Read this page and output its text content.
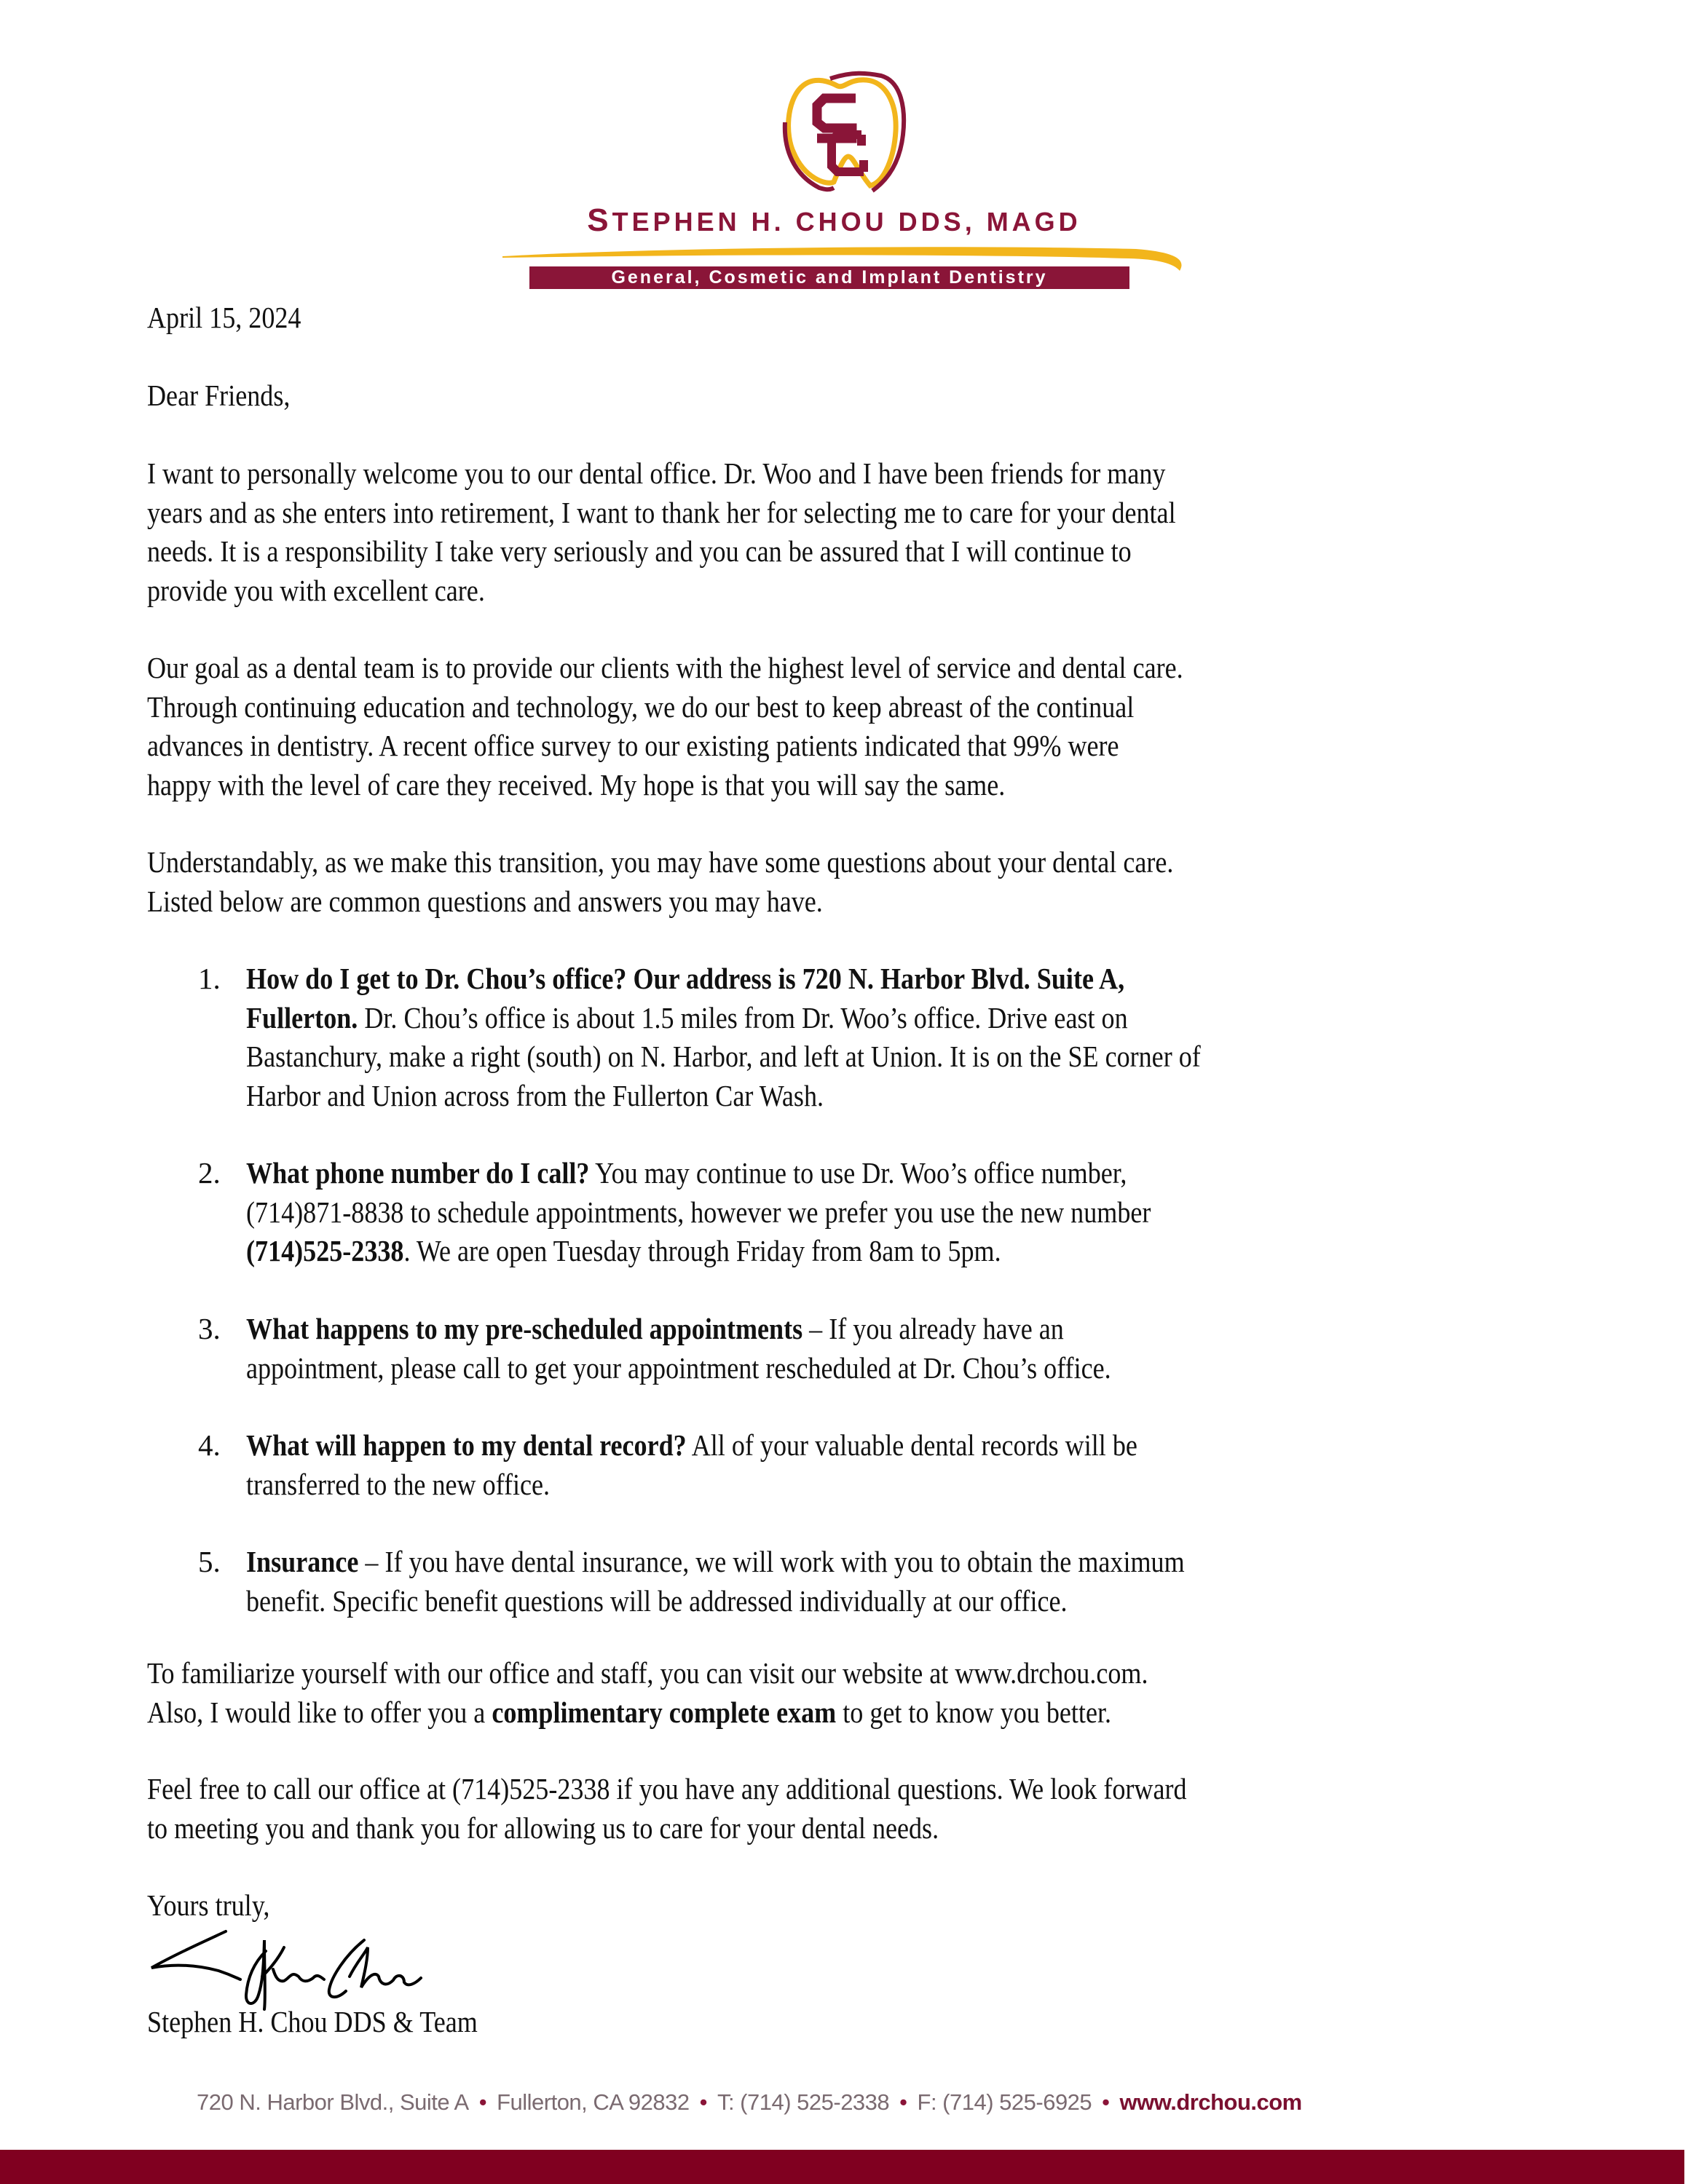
STEPHEN H. CHOU DDS, MAGD
General, Cosmetic and Implant Dentistry
April 15, 2024
Dear Friends,
I want to personally welcome you to our dental office. Dr. Woo and I have been friends for many
years and as she enters into retirement, I want to thank her for selecting me to care for your dental
needs. It is a responsibility I take very seriously and you can be assured that I will continue to
provide you with excellent care.
Our goal as a dental team is to provide our clients with the highest level of service and dental care.
Through continuing education and technology, we do our best to keep abreast of the continual
advances in dentistry. A recent office survey to our existing patients indicated that 99% were
happy with the level of care they received. My hope is that you will say the same.
Understandably, as we make this transition, you may have some questions about your dental care.
Listed below are common questions and answers you may have.
1. How do I get to Dr. Chou’s office? Our address is 720 N. Harbor Blvd. Suite A,
Fullerton. Dr. Chou’s office is about 1.5 miles from Dr. Woo’s office. Drive east on
Bastanchury, make a right (south) on N. Harbor, and left at Union. It is on the SE corner of
Harbor and Union across from the Fullerton Car Wash.
2. What phone number do I call? You may continue to use Dr. Woo’s office number,
(714)871-8838 to schedule appointments, however we prefer you use the new number
(714)525-2338. We are open Tuesday through Friday from 8am to 5pm.
3. What happens to my pre-scheduled appointments – If you already have an
appointment, please call to get your appointment rescheduled at Dr. Chou’s office.
4. What will happen to my dental record? All of your valuable dental records will be
transferred to the new office.
5. Insurance – If you have dental insurance, we will work with you to obtain the maximum
benefit. Specific benefit questions will be addressed individually at our office.
To familiarize yourself with our office and staff, you can visit our website at www.drchou.com.
Also, I would like to offer you a complimentary complete exam to get to know you better.
Feel free to call our office at (714)525-2338 if you have any additional questions. We look forward
to meeting you and thank you for allowing us to care for your dental needs.
Yours truly,
Stephen H. Chou DDS & Team
720 N. Harbor Blvd., Suite A • Fullerton, CA 92832 • T: (714) 525-2338 • F: (714) 525-6925 • www.drchou.com
